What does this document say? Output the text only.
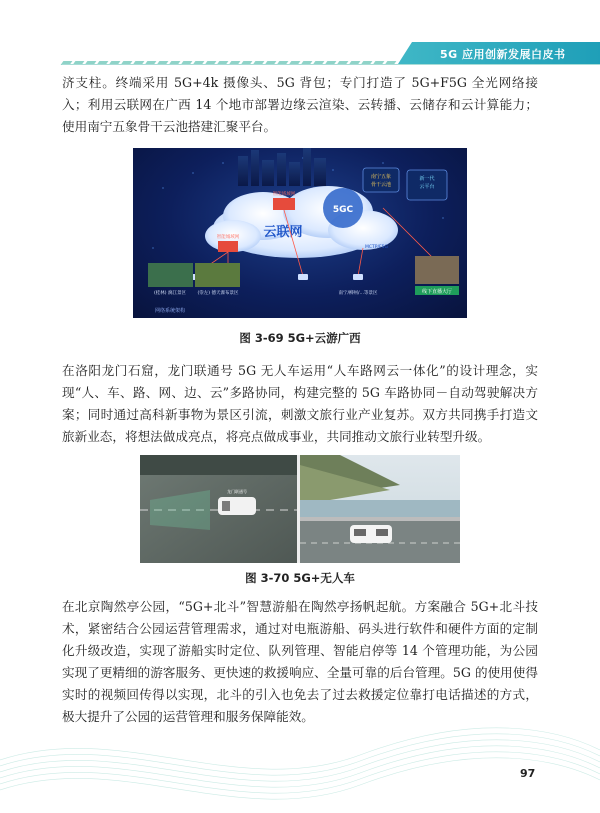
5G 应用创新发展白皮书

济支柱。终端采用 5G+4k 摄像头、5G 背包；专门打造了 5G+F5G 全光网络接入；利用云联网在广西 14 个地市部署边缘云渲染、云转播、云储存和云计算能力；使用南宁五象骨干云池搭建汇聚平台。

5GC
云联网
智能域城网
智能城域网
MCTP/F5G
南宁五象
骨干云池
新一代
云平台
(桂林) 漓江景区	(崇左) 德天瀑布景区	南宁/柳州/…等景区	线下直播大厅
网络系统架构
图 3-69 5G+云游广西

在洛阳龙门石窟，龙门联通号 5G 无人车运用“人车路网云一体化”的设计理念，实现“人、车、路、网、边、云”多路协同，构建完整的 5G 车路协同－自动驾驶解决方案；同时通过高科新事物为景区引流，刺激文旅行业产业复苏。双方共同携手打造文旅新业态，将想法做成亮点，将亮点做成事业，共同推动文旅行业转型升级。

龙门联通号
图 3-70 5G+无人车

在北京陶然亭公园，“5G+北斗”智慧游船在陶然亭扬帆起航。方案融合 5G+北斗技术，紧密结合公园运营管理需求，通过对电瓶游船、码头进行软件和硬件方面的定制化升级改造，实现了游船实时定位、队列管理、智能启停等 14 个管理功能，为公园实现了更精细的游客服务、更快速的救援响应、全量可靠的后台管理。5G 的使用使得实时的视频回传得以实现，北斗的引入也免去了过去救援定位靠打电话描述的方式，极大提升了公园的运营管理和服务保障能效。

97
